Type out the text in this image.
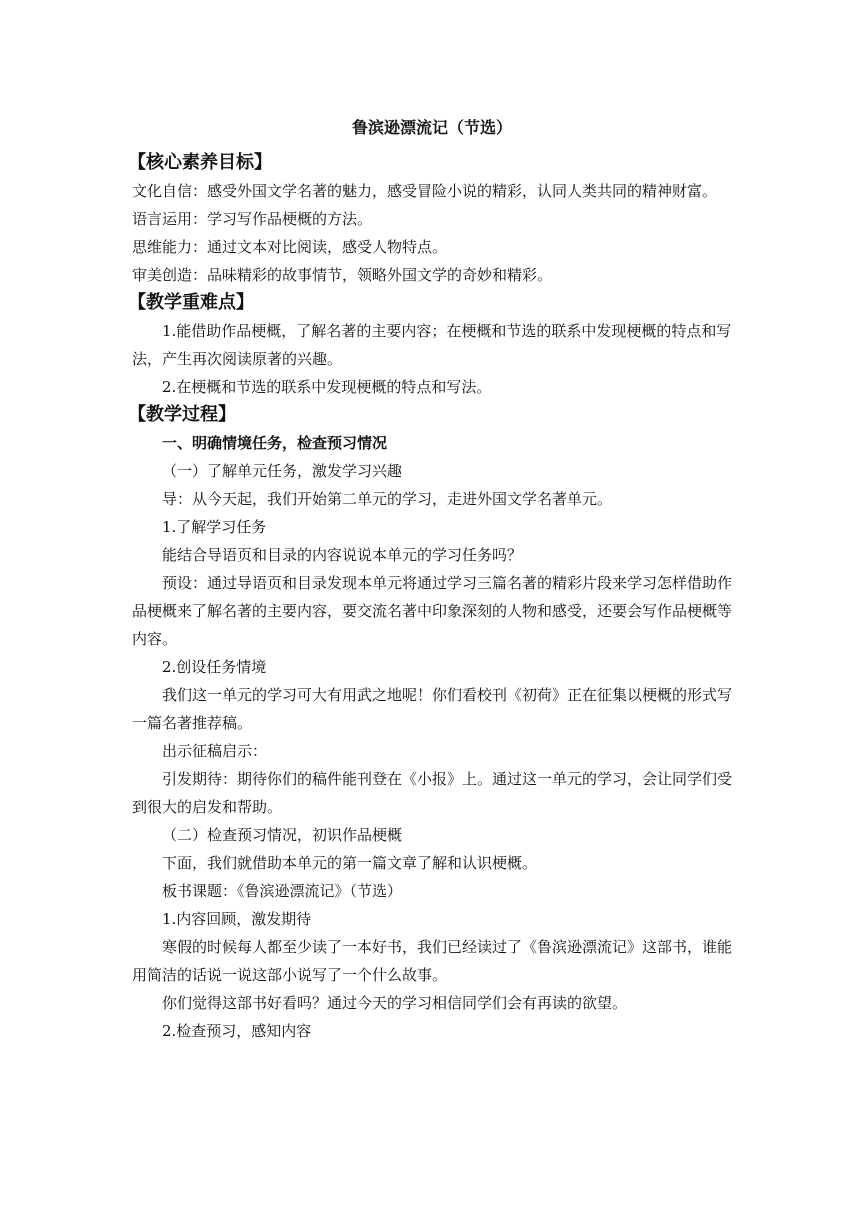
鲁滨逊漂流记（节选）
【核心素养目标】

文化自信：感受外国文学名著的魅力，感受冒险小说的精彩，认同人类共同的精神财富。

语言运用：学习写作品梗概的方法。

思维能力：通过文本对比阅读，感受人物特点。

审美创造：品味精彩的故事情节，领略外国文学的奇妙和精彩。

【教学重难点】

1.能借助作品梗概，了解名著的主要内容；在梗概和节选的联系中发现梗概的特点和写法，产生再次阅读原著的兴趣。

2.在梗概和节选的联系中发现梗概的特点和写法。

【教学过程】

一、明确情境任务，检查预习情况

（一）了解单元任务，激发学习兴趣

导：从今天起，我们开始第二单元的学习，走进外国文学名著单元。

1.了解学习任务

能结合导语页和目录的内容说说本单元的学习任务吗？

预设：通过导语页和目录发现本单元将通过学习三篇名著的精彩片段来学习怎样借助作品梗概来了解名著的主要内容，要交流名著中印象深刻的人物和感受，还要会写作品梗概等内容。

2.创设任务情境

我们这一单元的学习可大有用武之地呢！你们看校刊《初荷》正在征集以梗概的形式写一篇名著推荐稿。

出示征稿启示：

引发期待：期待你们的稿件能刊登在《小报》上。通过这一单元的学习，会让同学们受到很大的启发和帮助。

（二）检查预习情况，初识作品梗概

下面，我们就借助本单元的第一篇文章了解和认识梗概。

板书课题：《鲁滨逊漂流记》（节选）

1.内容回顾，激发期待

寒假的时候每人都至少读了一本好书，我们已经读过了《鲁滨逊漂流记》这部书，谁能用简洁的话说一说这部小说写了一个什么故事。

你们觉得这部书好看吗？通过今天的学习相信同学们会有再读的欲望。

2.检查预习，感知内容
